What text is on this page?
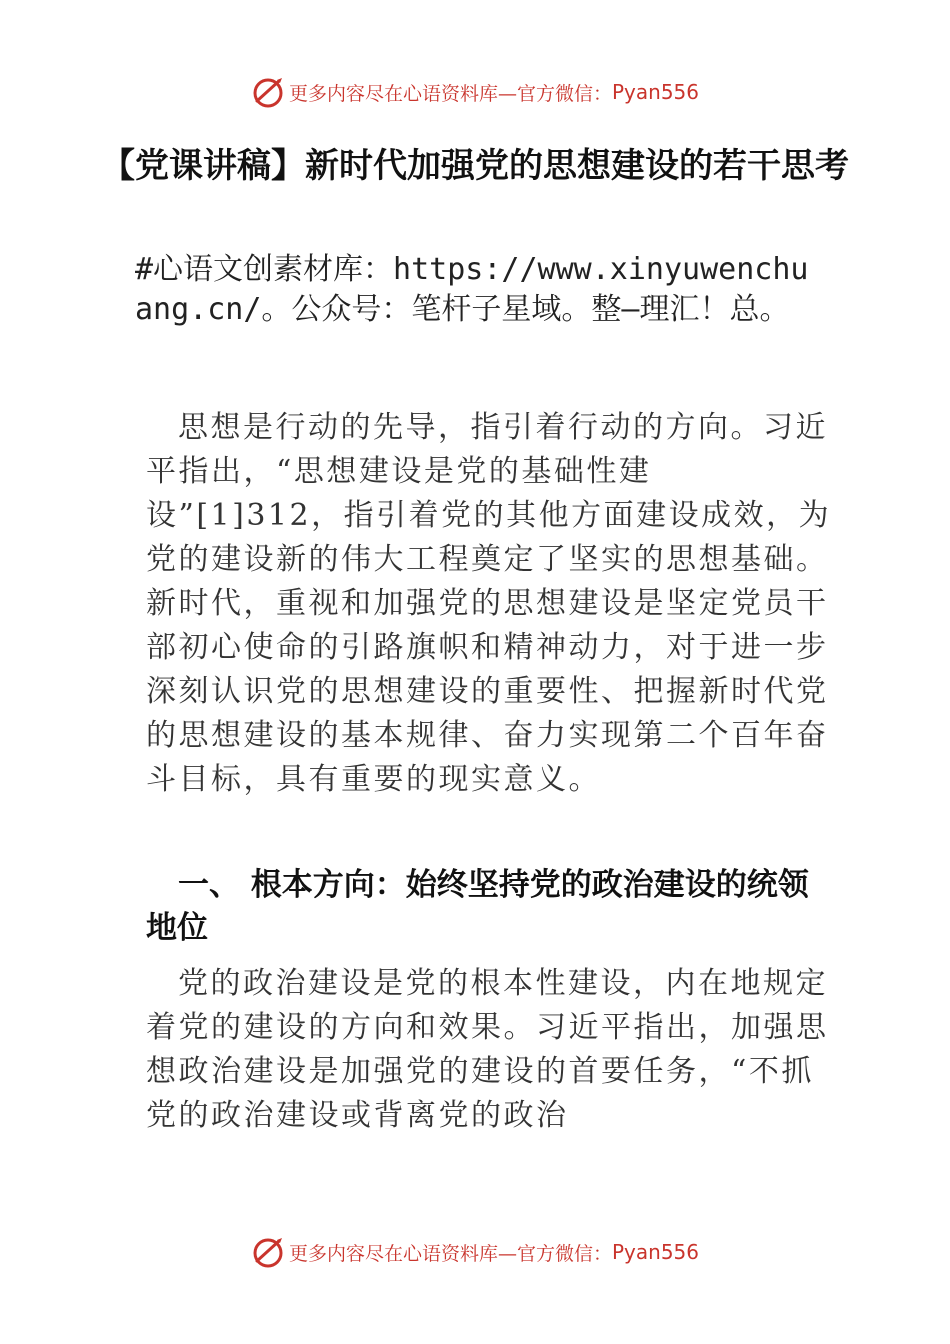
更多内容尽在心语资料库—官方微信： Pyan556
【党课讲稿】新时代加强党的思想建设的若干思考

#心语文创素材库：https://www.xinyuwenchuang.cn/。公众号：笔杆子星域。整—理汇！总。

思想是行动的先导，指引着行动的方向。习近平指出，“思想建设是党的基础性建设”[1]312，指引着党的其他方面建设成效，为党的建设新的伟大工程奠定了坚实的思想基础。新时代，重视和加强党的思想建设是坚定党员干部初心使命的引路旗帜和精神动力，对于进一步深刻认识党的思想建设的重要性、把握新时代党的思想建设的基本规律、奋力实现第二个百年奋斗目标，具有重要的现实意义。

一、 根本方向：始终坚持党的政治建设的统领地位

党的政治建设是党的根本性建设，内在地规定着党的建设的方向和效果。习近平指出，加强思想政治建设是加强党的建设的首要任务，“不抓党的政治建设或背离党的政治

更多内容尽在心语资料库—官方微信： Pyan556
